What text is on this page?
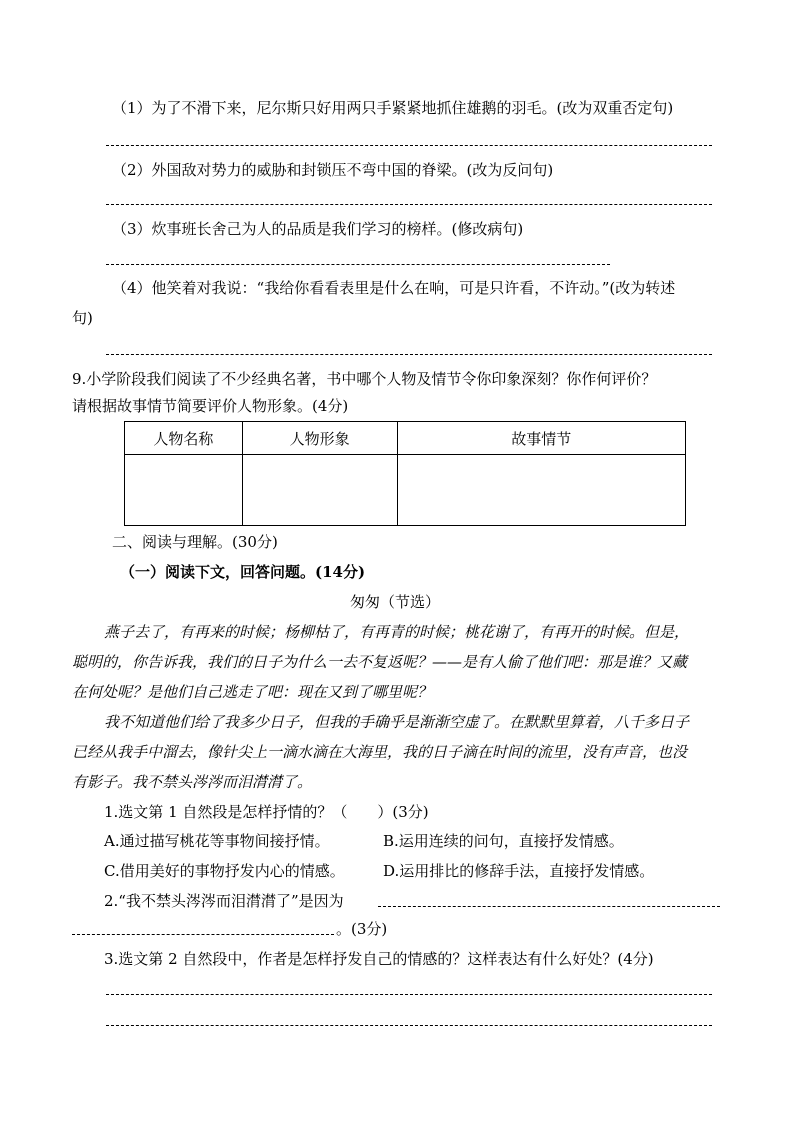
（1）为了不滑下来，尼尔斯只好用两只手紧紧地抓住雄鹅的羽毛。(改为双重否定句)
（2）外国敌对势力的威胁和封锁压不弯中国的脊梁。(改为反问句)
（3）炊事班长舍己为人的品质是我们学习的榜样。(修改病句)
（4）他笑着对我说：“我给你看看表里是什么在响，可是只许看，不许动。”(改为转述
句)
9.小学阶段我们阅读了不少经典名著，书中哪个人物及情节令你印象深刻？你作何评价？
请根据故事情节简要评价人物形象。(4分)
人物名称	人物形象	故事情节

二、阅读与理解。(30分)
（一）阅读下文，回答问题。(14分)
匆匆（节选）
燕子去了，有再来的时候；杨柳枯了，有再青的时候；桃花谢了，有再开的时候。但是，
聪明的，你告诉我，我们的日子为什么一去不复返呢？——是有人偷了他们吧：那是谁？又藏
在何处呢？是他们自己逃走了吧：现在又到了哪里呢？
我不知道他们给了我多少日子，但我的手确乎是渐渐空虚了。在默默里算着，八千多日子
已经从我手中溜去，像针尖上一滴水滴在大海里，我的日子滴在时间的流里，没有声音，也没
有影子。我不禁头涔涔而泪潸潸了。
1.选文第 1 自然段是怎样抒情的？（　　）(3分)
A.通过描写桃花等事物间接抒情。	B.运用连续的问句，直接抒发情感。
C.借用美好的事物抒发内心的情感。	D.运用排比的修辞手法，直接抒发情感。
2.“我不禁头涔涔而泪潸潸了”是因为
。(3分)
3.选文第 2 自然段中，作者是怎样抒发自己的情感的？这样表达有什么好处？(4分)
